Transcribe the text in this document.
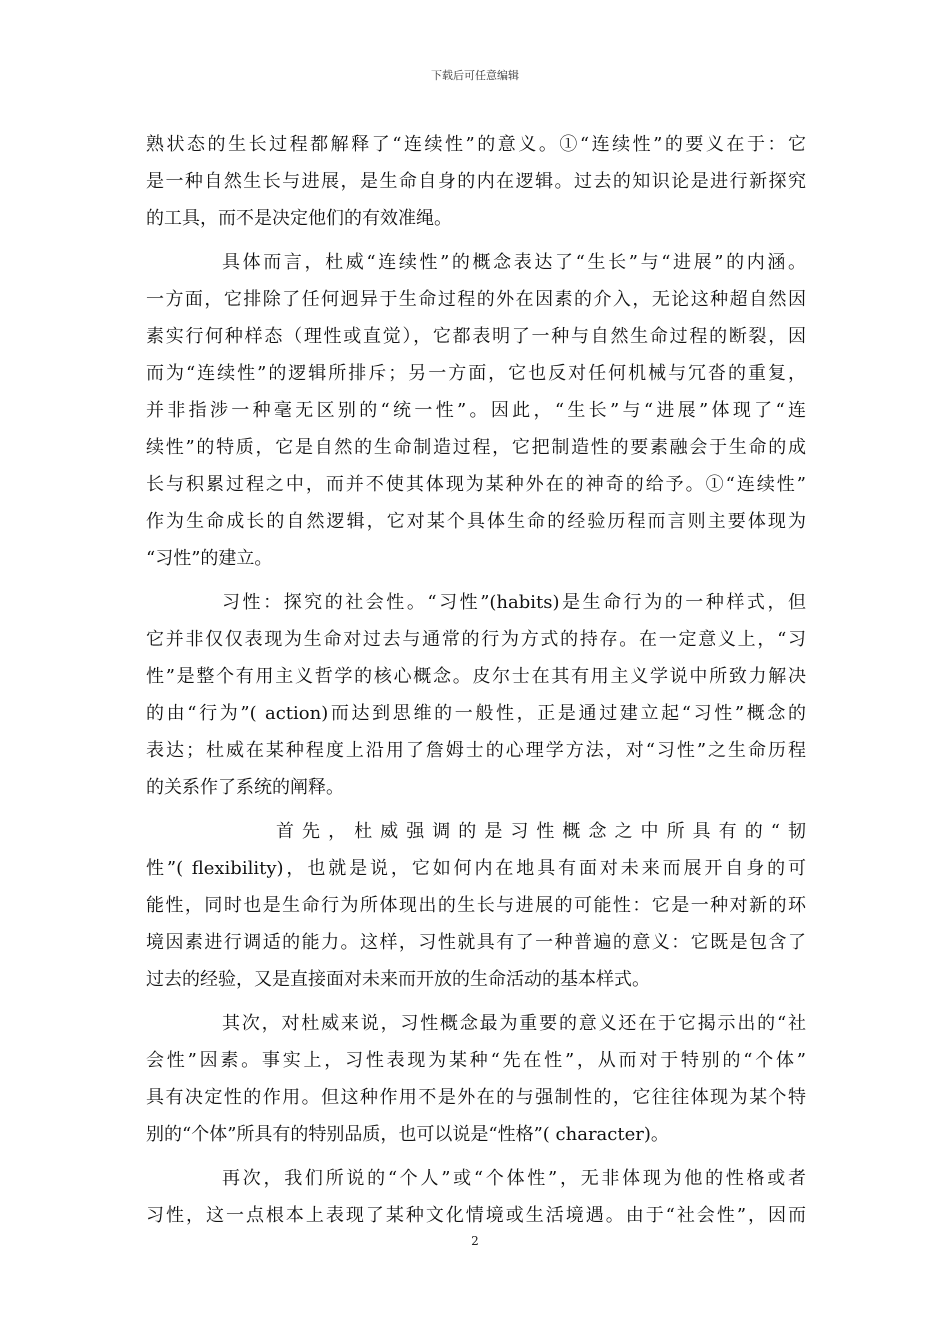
下载后可任意编辑
熟状态的生长过程都解释了“连续性”的意义。①“连续性”的要义在于：它
是一种自然生长与进展，是生命自身的内在逻辑。过去的知识论是进行新探究
的工具，而不是决定他们的有效准绳。
具体而言，杜威“连续性”的概念表达了“生长”与“进展”的内涵。
一方面，它排除了任何迥异于生命过程的外在因素的介入，无论这种超自然因
素实行何种样态（理性或直觉），它都表明了一种与自然生命过程的断裂，因
而为“连续性”的逻辑所排斥；另一方面，它也反对任何机械与冗沓的重复，
并非指涉一种毫无区别的“统一性”。因此，“生长”与“进展”体现了“连
续性”的特质，它是自然的生命制造过程，它把制造性的要素融会于生命的成
长与积累过程之中，而并不使其体现为某种外在的神奇的给予。①“连续性”
作为生命成长的自然逻辑，它对某个具体生命的经验历程而言则主要体现为
“习性”的建立。
习性：探究的社会性。“习性”(habits)是生命行为的一种样式，但
它并非仅仅表现为生命对过去与通常的行为方式的持存。在一定意义上，“习
性”是整个有用主义哲学的核心概念。皮尔士在其有用主义学说中所致力解决
的由“行为”( action)而达到思维的一般性，正是通过建立起“习性”概念的
表达；杜威在某种程度上沿用了詹姆士的心理学方法，对“习性”之生命历程
的关系作了系统的阐释。
首先，杜威强调的是习性概念之中所具有的“韧
性”( flexibility)，也就是说，它如何内在地具有面对未来而展开自身的可
能性，同时也是生命行为所体现出的生长与进展的可能性：它是一种对新的环
境因素进行调适的能力。这样，习性就具有了一种普遍的意义：它既是包含了
过去的经验，又是直接面对未来而开放的生命活动的基本样式。
其次，对杜威来说，习性概念最为重要的意义还在于它揭示出的“社
会性”因素。事实上，习性表现为某种“先在性”，从而对于特别的“个体”
具有决定性的作用。但这种作用不是外在的与强制性的，它往往体现为某个特
别的“个体”所具有的特别品质，也可以说是“性格”( character)。
再次，我们所说的“个人”或“个体性”，无非体现为他的性格或者
习性，这一点根本上表现了某种文化情境或生活境遇。由于“社会性”，因而
2
